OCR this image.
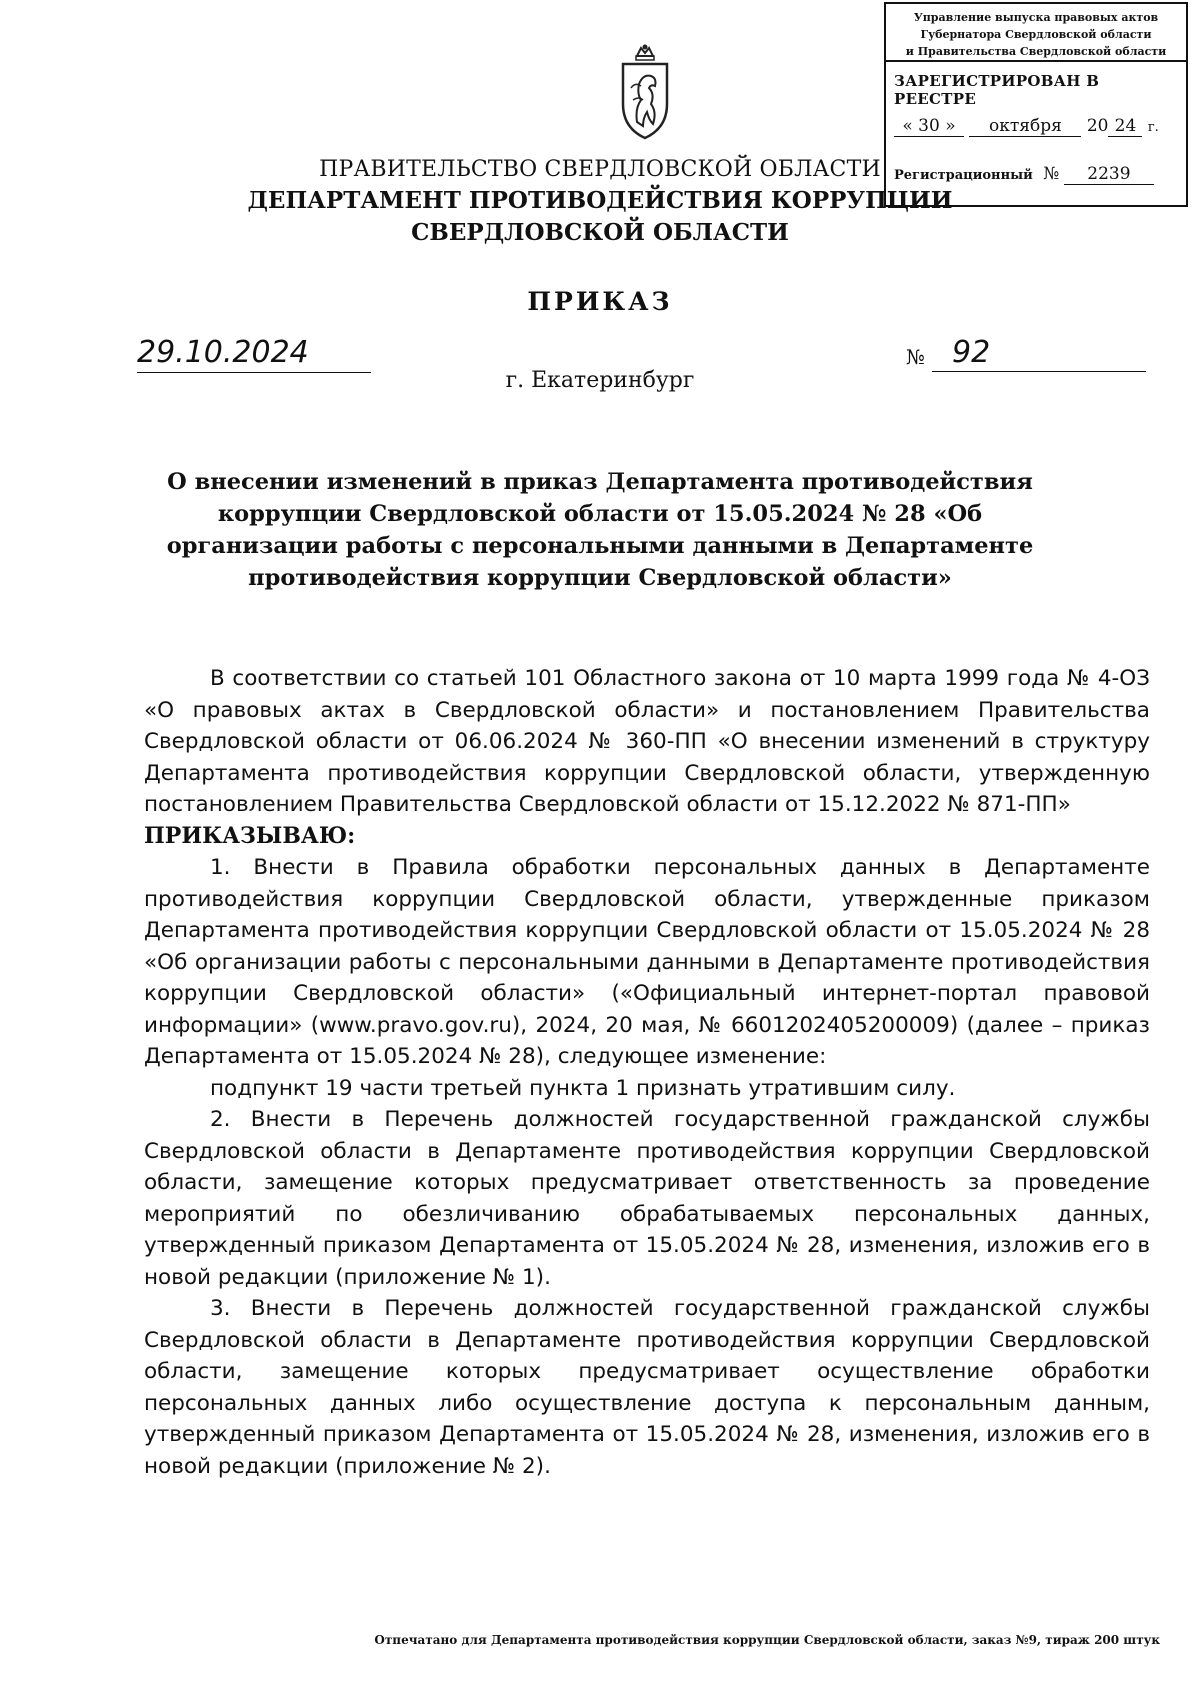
Управление выпуска правовых актов
Губернатора Свердловской области
и Правительства Свердловской области
ЗАРЕГИСТРИРОВАН В РЕЕСТРЕ
« 30 » октября 20 24 г.
Регистрационный № 2239
ПРАВИТЕЛЬСТВО СВЕРДЛОВСКОЙ ОБЛАСТИ
ДЕПАРТАМЕНТ ПРОТИВОДЕЙСТВИЯ КОРРУПЦИИ
СВЕРДЛОВСКОЙ ОБЛАСТИ
ПРИКАЗ
29.10.2024	№ 92
г. Екатеринбург
О внесении изменений в приказ Департамента противодействия коррупции Свердловской области от 15.05.2024 № 28 «Об организации работы с персональными данными в Департаменте противодействия коррупции Свердловской области»

В соответствии со статьей 101 Областного закона от 10 марта 1999 года № 4-ОЗ «О правовых актах в Свердловской области» и постановлением Правительства Свердловской области от 06.06.2024 № 360-ПП «О внесении изменений в структуру Департамента противодействия коррупции Свердловской области, утвержденную постановлением Правительства Свердловской области от 15.12.2022 № 871-ПП»

ПРИКАЗЫВАЮ:

1. Внести в Правила обработки персональных данных в Департаменте противодействия коррупции Свердловской области, утвержденные приказом Департамента противодействия коррупции Свердловской области от 15.05.2024 № 28 «Об организации работы с персональными данными в Департаменте противодействия коррупции Свердловской области» («Официальный интернет-портал правовой информации» (www.pravo.gov.ru), 2024, 20 мая, № 6601202405200009) (далее – приказ Департамента от 15.05.2024 № 28), следующее изменение:

подпункт 19 части третьей пункта 1 признать утратившим силу.

2. Внести в Перечень должностей государственной гражданской службы Свердловской области в Департаменте противодействия коррупции Свердловской области, замещение которых предусматривает ответственность за проведение мероприятий по обезличиванию обрабатываемых персональных данных, утвержденный приказом Департамента от 15.05.2024 № 28, изменения, изложив его в новой редакции (приложение № 1).

3. Внести в Перечень должностей государственной гражданской службы Свердловской области в Департаменте противодействия коррупции Свердловской области, замещение которых предусматривает осуществление обработки персональных данных либо осуществление доступа к персональным данным, утвержденный приказом Департамента от 15.05.2024 № 28, изменения, изложив его в новой редакции (приложение № 2).

Отпечатано для Департамента противодействия коррупции Свердловской области, заказ №9, тираж 200 штук
